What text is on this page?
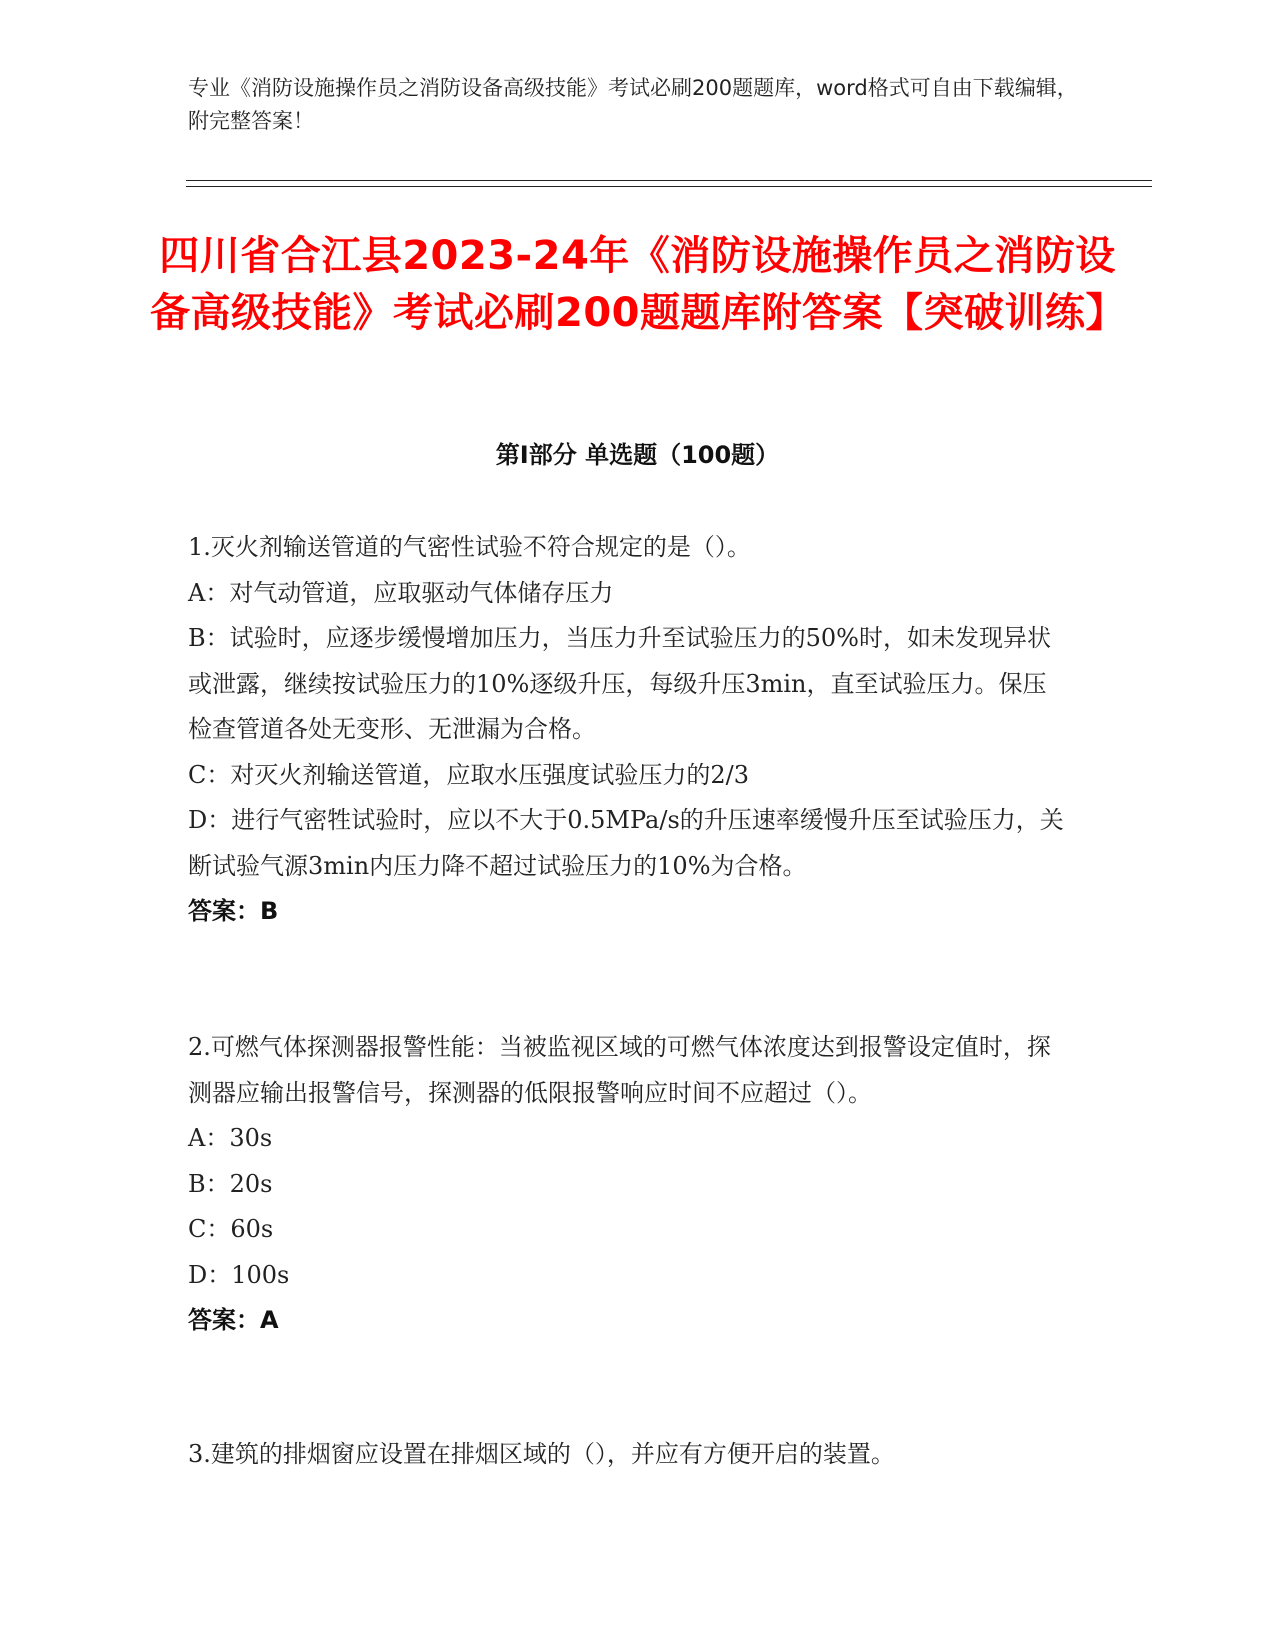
专业《消防设施操作员之消防设备高级技能》考试必刷200题题库，word格式可自由下载编辑，附完整答案！

四川省合江县2023-24年《消防设施操作员之消防设备高级技能》考试必刷200题题库附答案【突破训练】
第I部分 单选题（100题）

1.灭火剂输送管道的气密性试验不符合规定的是（）。

A：对气动管道，应取驱动气体储存压力

B：试验时，应逐步缓慢增加压力，当压力升至试验压力的50%时，如未发现异状或泄露，继续按试验压力的10%逐级升压，每级升压3min，直至试验压力。保压检查管道各处无变形、无泄漏为合格。

C：对灭火剂输送管道，应取水压强度试验压力的2/3

D：进行气密牲试验时，应以不大于0.5MPa/s的升压速率缓慢升压至试验压力，关断试验气源3min内压力降不超过试验压力的10%为合格。

答案：B

2.可燃气体探测器报警性能：当被监视区域的可燃气体浓度达到报警设定值时，探测器应输出报警信号，探测器的低限报警响应时间不应超过（）。

A：30s

B：20s

C：60s

D：100s

答案：A

3.建筑的排烟窗应设置在排烟区域的（），并应有方便开启的装置。
